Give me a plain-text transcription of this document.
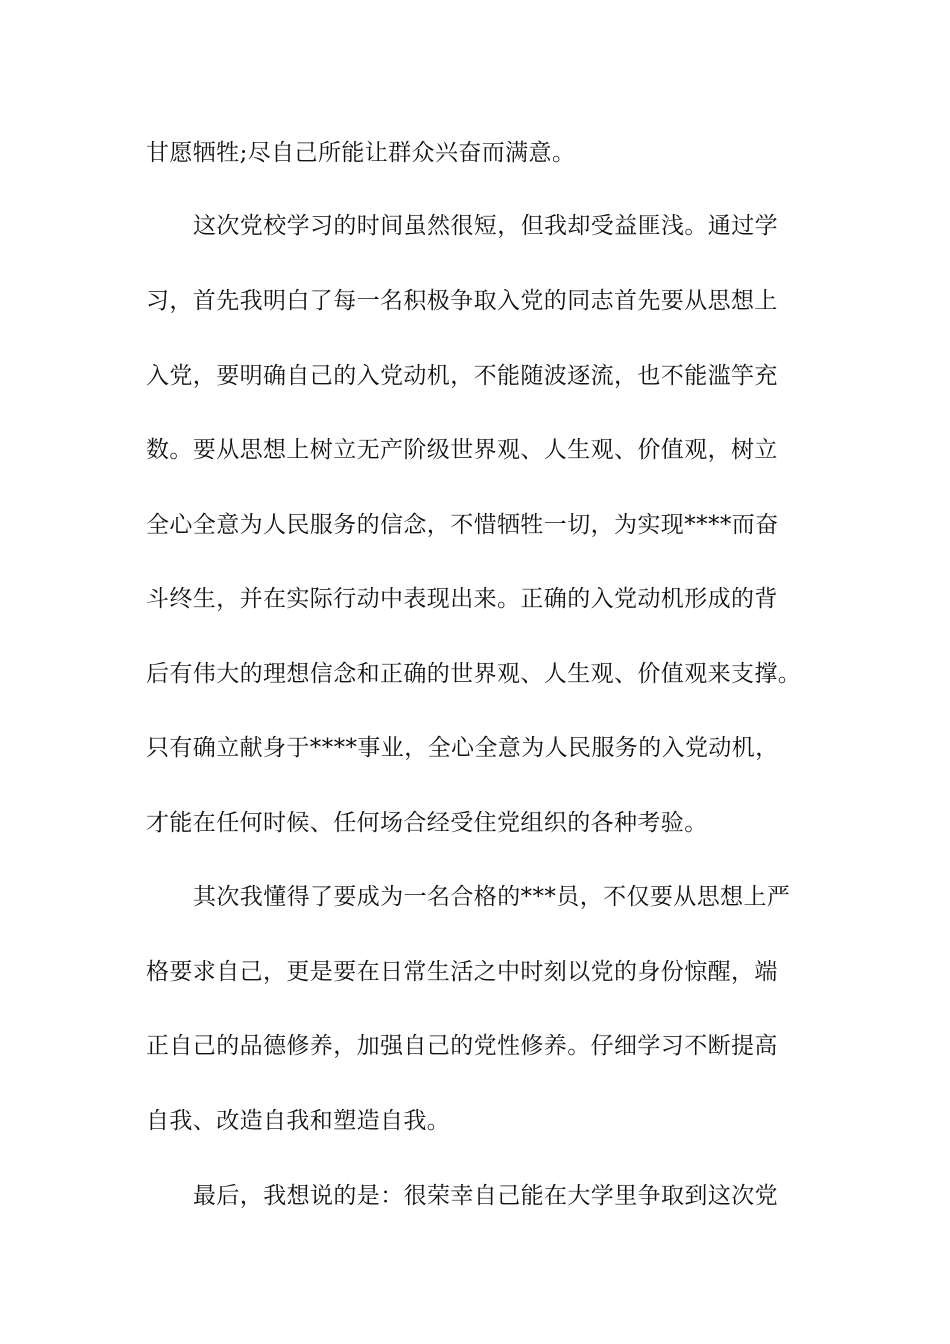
甘愿牺牲;尽自己所能让群众兴奋而满意。
这次党校学习的时间虽然很短，但我却受益匪浅。通过学
习，首先我明白了每一名积极争取入党的同志首先要从思想上
入党，要明确自己的入党动机，不能随波逐流，也不能滥竽充
数。要从思想上树立无产阶级世界观、人生观、价值观，树立
全心全意为人民服务的信念，不惜牺牲一切，为实现****而奋
斗终生，并在实际行动中表现出来。正确的入党动机形成的背
后有伟大的理想信念和正确的世界观、人生观、价值观来支撑。
只有确立献身于****事业，全心全意为人民服务的入党动机，
才能在任何时候、任何场合经受住党组织的各种考验。
其次我懂得了要成为一名合格的***员，不仅要从思想上严
格要求自己，更是要在日常生活之中时刻以党的身份惊醒，端
正自己的品德修养，加强自己的党性修养。仔细学习不断提高
自我、改造自我和塑造自我。
最后，我想说的是：很荣幸自己能在大学里争取到这次党
